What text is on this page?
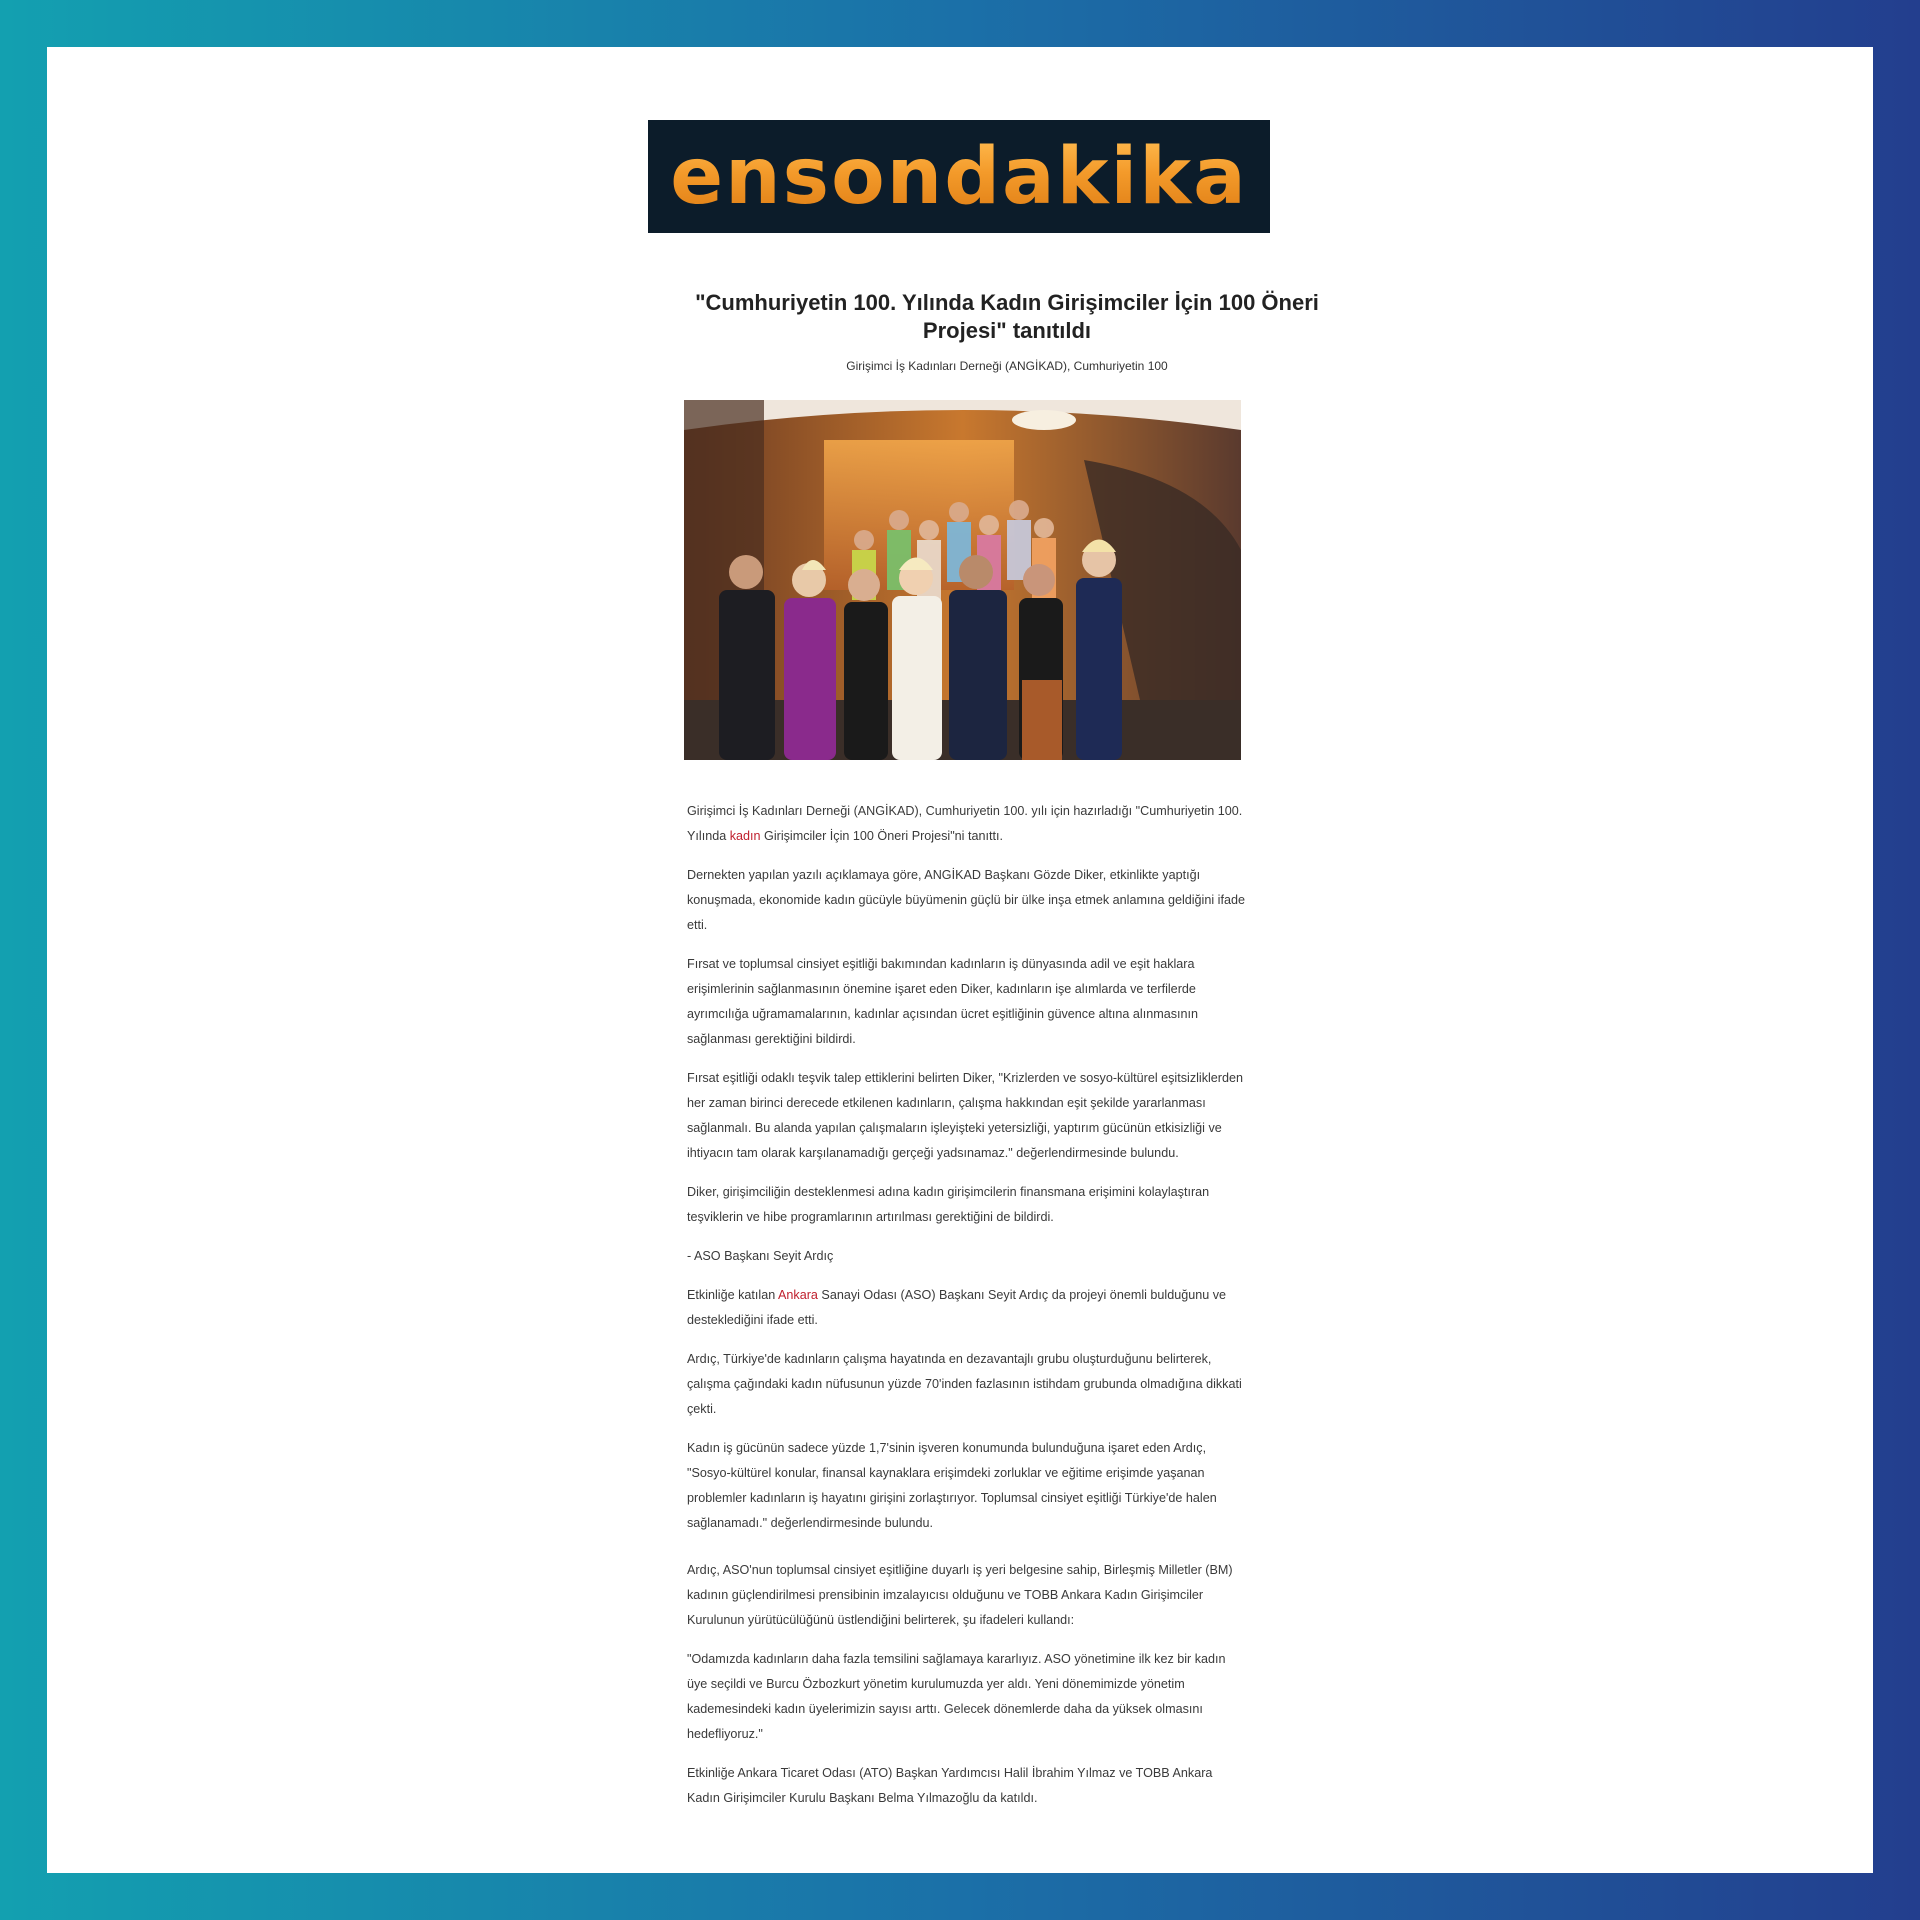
ensondakika
"Cumhuriyetin 100. Yılında Kadın Girişimciler İçin 100 Öneri Projesi" tanıtıldı
Girişimci İş Kadınları Derneği (ANGİKAD), Cumhuriyetin 100

Girişimci İş Kadınları Derneği (ANGİKAD), Cumhuriyetin 100. yılı için hazırladığı "Cumhuriyetin 100. Yılında kadın Girişimciler İçin 100 Öneri Projesi"ni tanıttı.

Dernekten yapılan yazılı açıklamaya göre, ANGİKAD Başkanı Gözde Diker, etkinlikte yaptığı konuşmada, ekonomide kadın gücüyle büyümenin güçlü bir ülke inşa etmek anlamına geldiğini ifade etti.

Fırsat ve toplumsal cinsiyet eşitliği bakımından kadınların iş dünyasında adil ve eşit haklara erişimlerinin sağlanmasının önemine işaret eden Diker, kadınların işe alımlarda ve terfilerde ayrımcılığa uğramamalarının, kadınlar açısından ücret eşitliğinin güvence altına alınmasının sağlanması gerektiğini bildirdi.

Fırsat eşitliği odaklı teşvik talep ettiklerini belirten Diker, "Krizlerden ve sosyo-kültürel eşitsizliklerden her zaman birinci derecede etkilenen kadınların, çalışma hakkından eşit şekilde yararlanması sağlanmalı. Bu alanda yapılan çalışmaların işleyişteki yetersizliği, yaptırım gücünün etkisizliği ve ihtiyacın tam olarak karşılanamadığı gerçeği yadsınamaz." değerlendirmesinde bulundu.

Diker, girişimciliğin desteklenmesi adına kadın girişimcilerin finansmana erişimini kolaylaştıran teşviklerin ve hibe programlarının artırılması gerektiğini de bildirdi.

- ASO Başkanı Seyit Ardıç

Etkinliğe katılan Ankara Sanayi Odası (ASO) Başkanı Seyit Ardıç da projeyi önemli bulduğunu ve desteklediğini ifade etti.

Ardıç, Türkiye'de kadınların çalışma hayatında en dezavantajlı grubu oluşturduğunu belirterek, çalışma çağındaki kadın nüfusunun yüzde 70'inden fazlasının istihdam grubunda olmadığına dikkati çekti.

Kadın iş gücünün sadece yüzde 1,7'sinin işveren konumunda bulunduğuna işaret eden Ardıç, "Sosyo-kültürel konular, finansal kaynaklara erişimdeki zorluklar ve eğitime erişimde yaşanan problemler kadınların iş hayatını girişini zorlaştırıyor. Toplumsal cinsiyet eşitliği Türkiye'de halen sağlanamadı." değerlendirmesinde bulundu.

Ardıç, ASO'nun toplumsal cinsiyet eşitliğine duyarlı iş yeri belgesine sahip, Birleşmiş Milletler (BM) kadının güçlendirilmesi prensibinin imzalayıcısı olduğunu ve TOBB Ankara Kadın Girişimciler Kurulunun yürütücülüğünü üstlendiğini belirterek, şu ifadeleri kullandı:

"Odamızda kadınların daha fazla temsilini sağlamaya kararlıyız. ASO yönetimine ilk kez bir kadın üye seçildi ve Burcu Özbozkurt yönetim kurulumuzda yer aldı. Yeni dönemimizde yönetim kademesindeki kadın üyelerimizin sayısı arttı. Gelecek dönemlerde daha da yüksek olmasını hedefliyoruz."

Etkinliğe Ankara Ticaret Odası (ATO) Başkan Yardımcısı Halil İbrahim Yılmaz ve TOBB Ankara Kadın Girişimciler Kurulu Başkanı Belma Yılmazoğlu da katıldı.
